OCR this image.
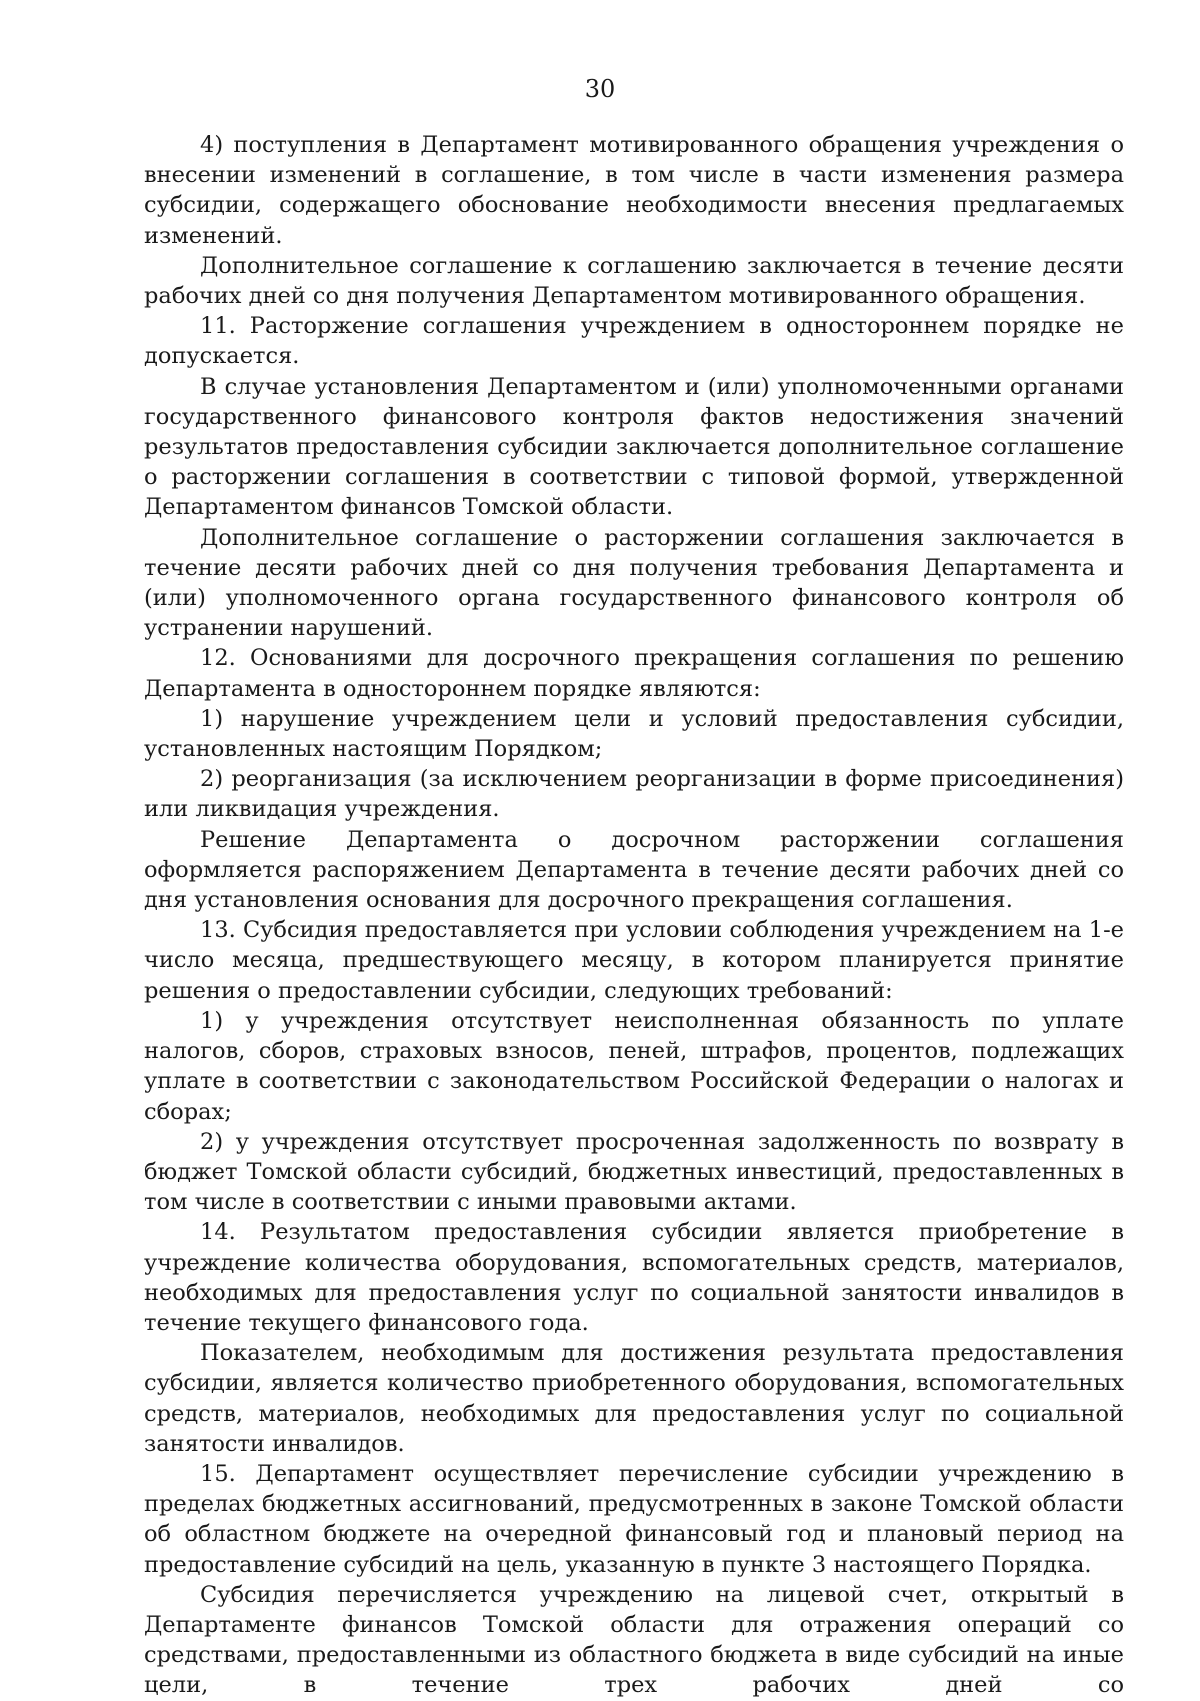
30

4) поступления в Департамент мотивированного обращения учреждения о внесении изменений в соглашение, в том числе в части изменения размера субсидии, содержащего обоснование необходимости внесения предлагаемых изменений.

Дополнительное соглашение к соглашению заключается в течение десяти рабочих дней со дня получения Департаментом мотивированного обращения.

11. Расторжение соглашения учреждением в одностороннем порядке не допускается.

В случае установления Департаментом и (или) уполномоченными органами государственного финансового контроля фактов недостижения значений результатов предоставления субсидии заключается дополнительное соглашение о расторжении соглашения в соответствии с типовой формой, утвержденной Департаментом финансов Томской области.

Дополнительное соглашение о расторжении соглашения заключается в течение десяти рабочих дней со дня получения требования Департамента и (или) уполномоченного органа государственного финансового контроля об устранении нарушений.

12. Основаниями для досрочного прекращения соглашения по решению Департамента в одностороннем порядке являются:

1) нарушение учреждением цели и условий предоставления субсидии, установленных настоящим Порядком;

2) реорганизация (за исключением реорганизации в форме присоединения) или ликвидация учреждения.

Решение Департамента о досрочном расторжении соглашения оформляется распоряжением Департамента в течение десяти рабочих дней со дня установления основания для досрочного прекращения соглашения.

13. Субсидия предоставляется при условии соблюдения учреждением на 1-е число месяца, предшествующего месяцу, в котором планируется принятие решения о предоставлении субсидии, следующих требований:

1) у учреждения отсутствует неисполненная обязанность по уплате налогов, сборов, страховых взносов, пеней, штрафов, процентов, подлежащих уплате в соответствии с законодательством Российской Федерации о налогах и сборах;

2) у учреждения отсутствует просроченная задолженность по возврату в бюджет Томской области субсидий, бюджетных инвестиций, предоставленных в том числе в соответствии с иными правовыми актами.

14. Результатом предоставления субсидии является приобретение в учреждение количества оборудования, вспомогательных средств, материалов, необходимых для предоставления услуг по социальной занятости инвалидов в течение текущего финансового года.

Показателем, необходимым для достижения результата предоставления субсидии, является количество приобретенного оборудования, вспомогательных средств, материалов, необходимых для предоставления услуг по социальной занятости инвалидов.

15. Департамент осуществляет перечисление субсидии учреждению в пределах бюджетных ассигнований, предусмотренных в законе Томской области об областном бюджете на очередной финансовый год и плановый период на предоставление субсидий на цель, указанную в пункте 3 настоящего Порядка.

Субсидия перечисляется учреждению на лицевой счет, открытый в Департаменте финансов Томской области для отражения операций со средствами, предоставленными из областного бюджета в виде субсидий на иные цели, в течение трех рабочих дней со
